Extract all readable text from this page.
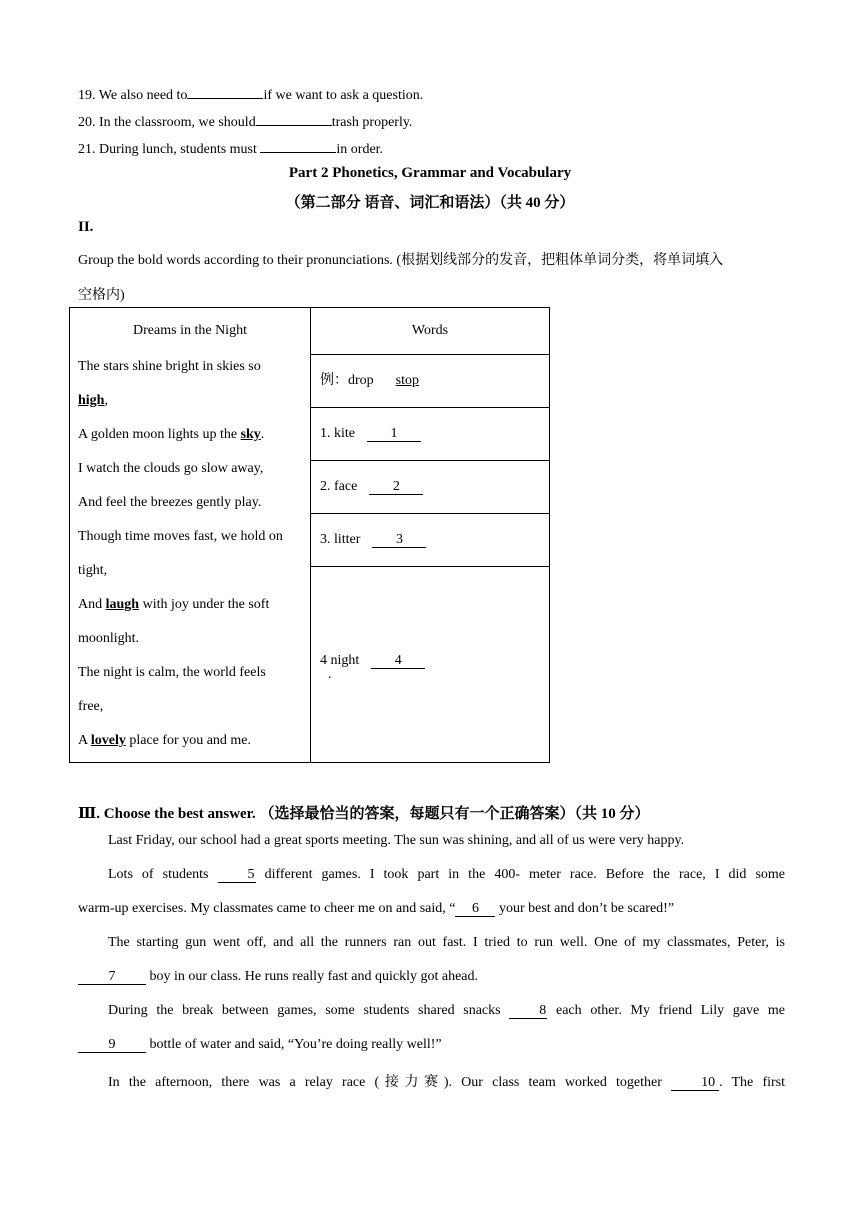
19. We also need to	if we want to ask a question.
20. In the classroom, we should	trash properly.
21. During lunch, students must	in order.
Part 2 Phonetics, Grammar and Vocabulary
（第二部分 语音、词汇和语法）（共 40 分）
II.
Group the bold words according to their pronunciations. (根据划线部分的发音，把粗体单词分类，将单词填入
空格内)
Dreams in the Night
The stars shine bright in skies so
high,
A golden moon lights up the sky.
I watch the clouds go slow away,
And feel the breezes gently play.
Though time moves fast, we hold on
tight,
And laugh with joy under the soft
moonlight.
The night is calm, the world feels
free,
A lovely place for you and me.

Words

例：drop stop

1. kite	1

2. face	2

3. litter	3

4 night	4
.
Ⅲ. Choose the best answer. （选择最恰当的答案，每题只有一个正确答案）（共 10 分）
Last Friday, our school had a great sports meeting. The sun was shining, and all of us were very happy.
Lots of students	5 different games. I took part in the 400- meter race. Before the race, I did some
warm-up exercises. My classmates came to cheer me on and said, “ 6 your best and don’t be scared!”
The starting gun went off, and all the runners ran out fast. I tried to run well. One of my classmates, Peter, is
7 boy in our class. He runs really fast and quickly got ahead.
During the break between games, some students shared snacks	8 each other. My friend Lily gave me
9 bottle of water and said, “You’re doing really well!”
In the afternoon, there was a relay race (接力赛). Our class team worked together	10 . The first
